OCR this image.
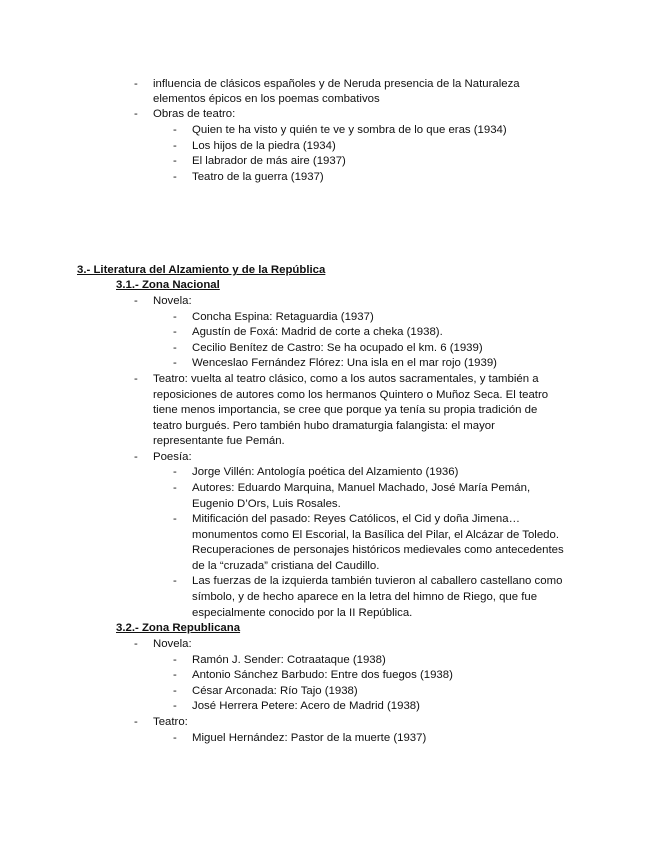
- influencia de clásicos españoles y de Neruda presencia de la Naturaleza
elementos épicos en los poemas combativos
- Obras de teatro:
- Quien te ha visto y quién te ve y sombra de lo que eras (1934)
- Los hijos de la piedra (1934)
- El labrador de más aire (1937)
- Teatro de la guerra (1937)
3.- Literatura del Alzamiento y de la República
3.1.- Zona Nacional
- Novela:
- Concha Espina: Retaguardia (1937)
- Agustín de Foxá: Madrid de corte a cheka (1938).
- Cecilio Benítez de Castro: Se ha ocupado el km. 6 (1939)
- Wenceslao Fernández Flórez: Una isla en el mar rojo (1939)
- Teatro: vuelta al teatro clásico, como a los autos sacramentales, y también a
reposiciones de autores como los hermanos Quintero o Muñoz Seca. El teatro
tiene menos importancia, se cree que porque ya tenía su propia tradición de
teatro burgués. Pero también hubo dramaturgia falangista: el mayor
representante fue Pemán.
- Poesía:
- Jorge Villén: Antología poética del Alzamiento (1936)
- Autores: Eduardo Marquina, Manuel Machado, José María Pemán,
Eugenio D’Ors, Luis Rosales.
- Mitificación del pasado: Reyes Católicos, el Cid y doña Jimena…
monumentos como El Escorial, la Basílica del Pilar, el Alcázar de Toledo.
Recuperaciones de personajes históricos medievales como antecedentes
de la “cruzada” cristiana del Caudillo.
- Las fuerzas de la izquierda también tuvieron al caballero castellano como
símbolo, y de hecho aparece en la letra del himno de Riego, que fue
especialmente conocido por la II República.
3.2.- Zona Republicana
- Novela:
- Ramón J. Sender: Cotraataque (1938)
- Antonio Sánchez Barbudo: Entre dos fuegos (1938)
- César Arconada: Río Tajo (1938)
- José Herrera Petere: Acero de Madrid (1938)
- Teatro:
- Miguel Hernández: Pastor de la muerte (1937)
